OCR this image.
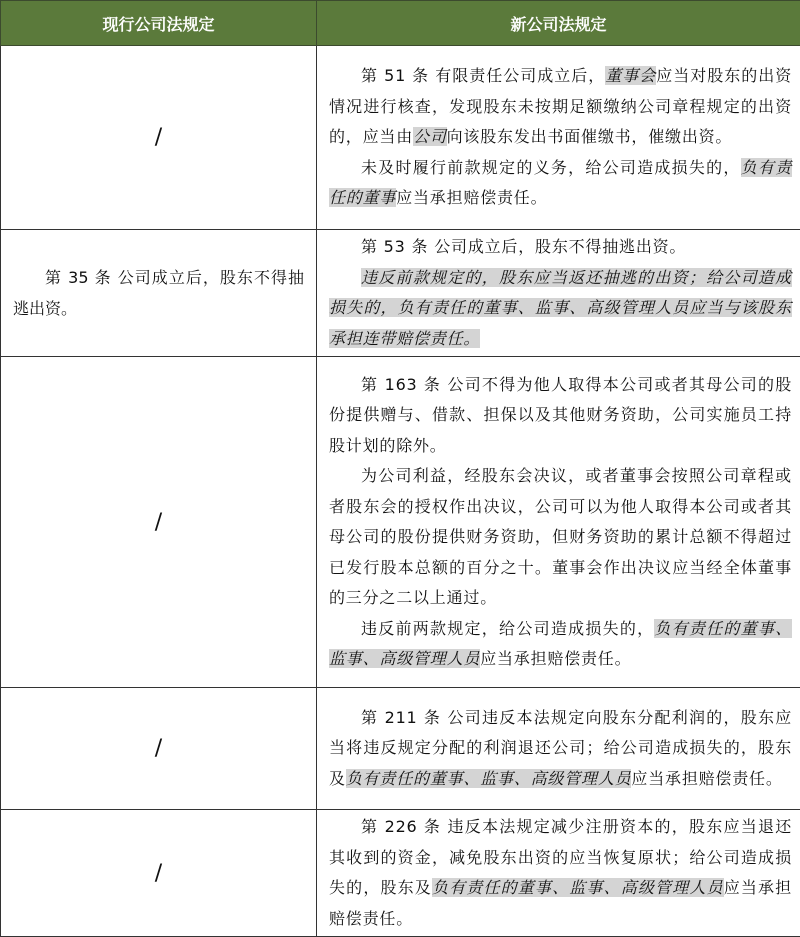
现行公司法规定	新公司法规定
/	第 51 条 有限责任公司成立后，董事会应当对股东的出资情况进行核查，发现股东未按期足额缴纳公司章程规定的出资的，应当由公司向该股东发出书面催缴书，催缴出资。

未及时履行前款规定的义务，给公司造成损失的，负有责任的董事应当承担赔偿责任。

第 35 条 公司成立后，股东不得抽逃出资。	第 53 条 公司成立后，股东不得抽逃出资。

违反前款规定的，股东应当返还抽逃的出资；给公司造成损失的，负有责任的董事、监事、高级管理人员应当与该股东承担连带赔偿责任。

/	第 163 条 公司不得为他人取得本公司或者其母公司的股份提供赠与、借款、担保以及其他财务资助，公司实施员工持股计划的除外。

为公司利益，经股东会决议，或者董事会按照公司章程或者股东会的授权作出决议，公司可以为他人取得本公司或者其母公司的股份提供财务资助，但财务资助的累计总额不得超过已发行股本总额的百分之十。董事会作出决议应当经全体董事的三分之二以上通过。

违反前两款规定，给公司造成损失的，负有责任的董事、监事、高级管理人员应当承担赔偿责任。

/	第 211 条 公司违反本法规定向股东分配利润的，股东应当将违反规定分配的利润退还公司；给公司造成损失的，股东及负有责任的董事、监事、高级管理人员应当承担赔偿责任。

/	第 226 条 违反本法规定减少注册资本的，股东应当退还其收到的资金，减免股东出资的应当恢复原状；给公司造成损失的，股东及负有责任的董事、监事、高级管理人员应当承担赔偿责任。
